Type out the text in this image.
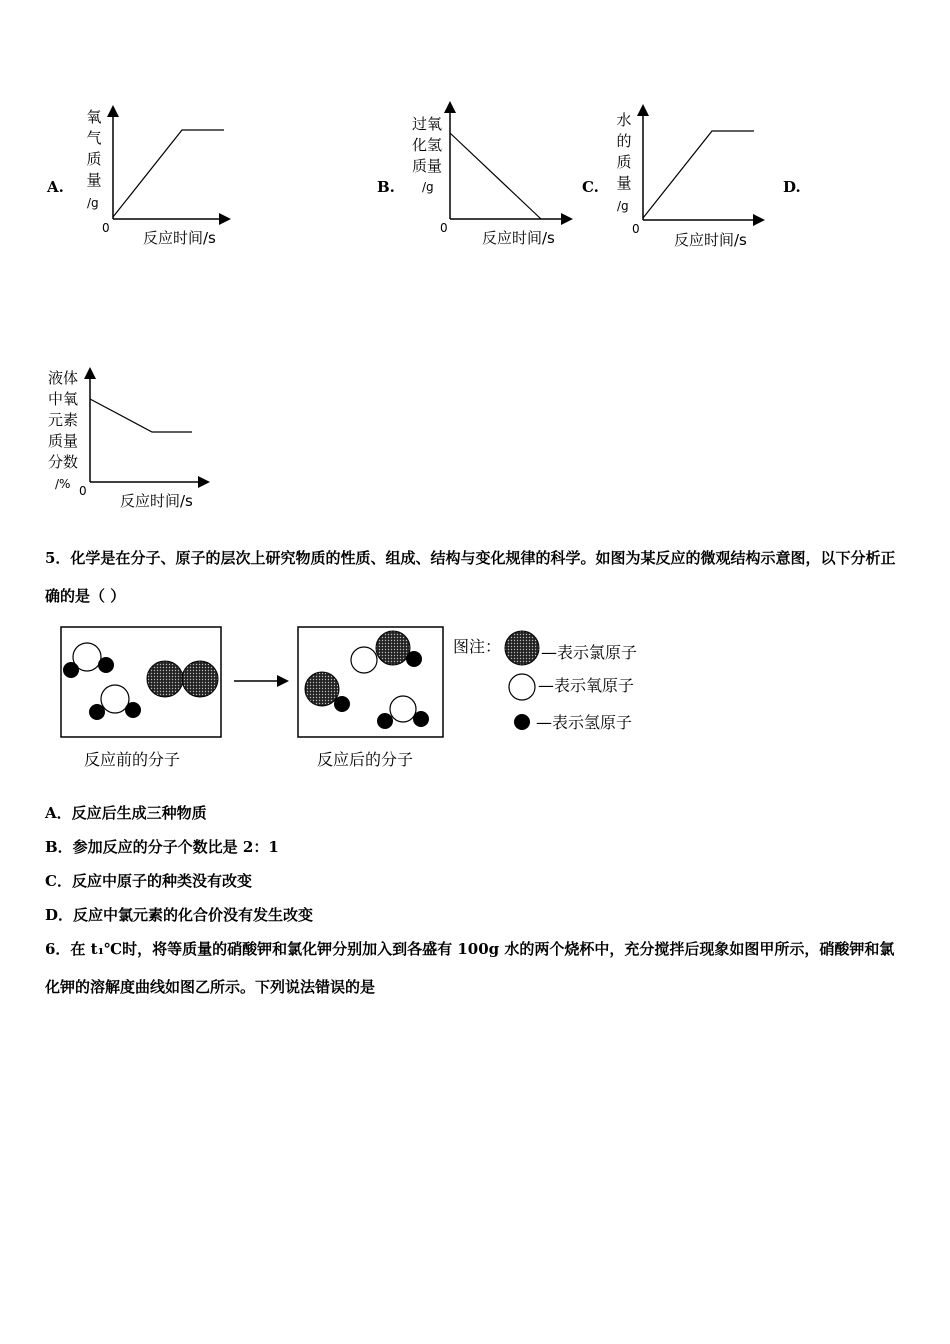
A.
氧
气
质
量
/g
0
反应时间/s
B.
过氧
化氢
质量
/g
0
反应时间/s
C.
水
的
质
量
/g
0
反应时间/s
D.
液体
中氧
元素
质量
分数
/% 0
反应时间/s
5．化学是在分子、原子的层次上研究物质的性质、组成、结构与变化规律的科学。如图为某反应的微观结构示意图，以下分析正确的是（ ）
反应前的分子	反应后的分子
图注： —表示氯原子
—表示氧原子
—表示氢原子
A．反应后生成三种物质
B．参加反应的分子个数比是 2：1
C．反应中原子的种类没有改变
D．反应中氯元素的化合价没有发生改变
6．在 t₁℃时，将等质量的硝酸钾和氯化钾分别加入到各盛有 100g 水的两个烧杯中，充分搅拌后现象如图甲所示，硝酸钾和氯化钾的溶解度曲线如图乙所示。下列说法错误的是
